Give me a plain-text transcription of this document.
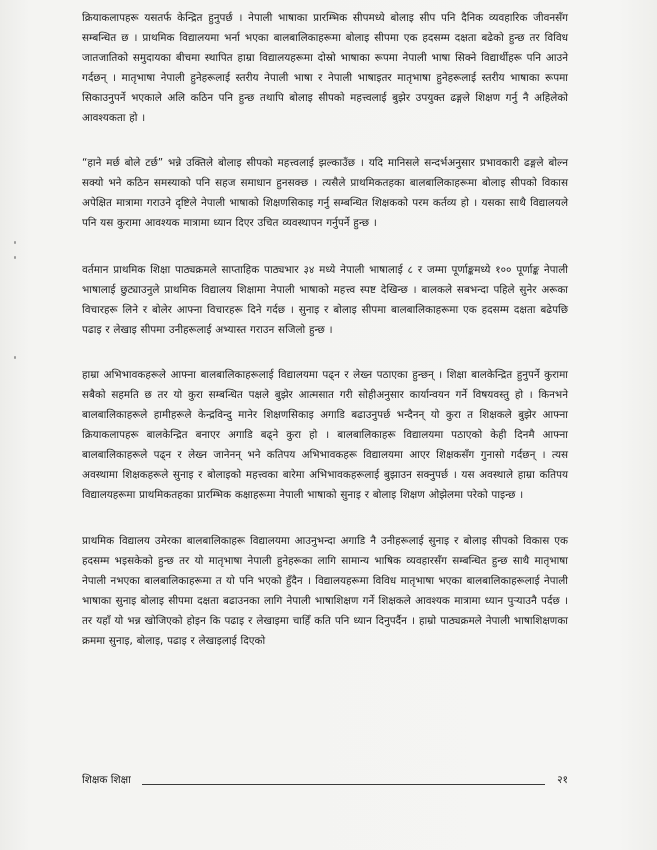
क्रियाकलापहरू यसतर्फ केन्द्रित हुनुपर्छ । नेपाली भाषाका प्रारम्भिक सीपमध्ये बोलाइ सीप पनि दैनिक व्यवहारिक जीवनसँग सम्बन्धित छ । प्राथमिक विद्यालयमा भर्ना भएका बालबालिकाहरूमा बोलाइ सीपमा एक हदसम्म दक्षता बढेको हुन्छ तर विविध जातजातिको समुदायका बीचमा स्थापित हाम्रा विद्यालयहरूमा दोस्रो भाषाका रूपमा नेपाली भाषा सिक्ने विद्यार्थीहरू पनि आउने गर्दछन् । मातृभाषा नेपाली हुनेहरूलाई स्तरीय नेपाली भाषा र नेपाली भाषाइतर मातृभाषा हुनेहरूलाई स्तरीय भाषाका रूपमा सिकाउनुपर्ने भएकाले अलि कठिन पनि हुन्छ तथापि बोलाइ सीपको महत्त्वलाई बुझेर उपयुक्त ढङ्गले शिक्षण गर्नु नै अहिलेको आवश्यकता हो ।

“हाने मर्छ बोले टर्छ” भन्ने उक्तिले बोलाइ सीपको महत्त्वलाई झल्काउँछ । यदि मानिसले सन्दर्भअनुसार प्रभावकारी ढङ्गले बोल्न सक्यो भने कठिन समस्याको पनि सहज समाधान हुनसक्छ । त्यसैले प्राथमिकतहका बालबालिकाहरूमा बोलाइ सीपको विकास अपेक्षित मात्रामा गराउने दृष्टिले नेपाली भाषाको शिक्षणसिकाइ गर्नु सम्बन्धित शिक्षकको परम कर्तव्य हो । यसका साथै विद्यालयले पनि यस कुरामा आवश्यक मात्रामा ध्यान दिएर उचित व्यवस्थापन गर्नुपर्ने हुन्छ ।

वर्तमान प्राथमिक शिक्षा पाठ्यक्रमले साप्ताहिक पाठ्यभार ३४ मध्ये नेपाली भाषालाई ८ र जम्मा पूर्णाङ्कमध्ये १०० पूर्णाङ्क नेपाली भाषालाई छुट्याउनुले प्राथमिक विद्यालय शिक्षामा नेपाली भाषाको महत्त्व स्पष्ट देखिन्छ । बालकले सबभन्दा पहिले सुनेर अरूका विचारहरू लिने र बोलेर आफ्ना विचारहरू दिने गर्दछ । सुनाइ र बोलाइ सीपमा बालबालिकाहरूमा एक हदसम्म दक्षता बढेपछि पढाइ र लेखाइ सीपमा उनीहरूलाई अभ्यास्त गराउन सजिलो हुन्छ ।

हाम्रा अभिभावकहरूले आफ्ना बालबालिकाहरूलाई विद्यालयमा पढ्न र लेख्न पठाएका हुन्छन् । शिक्षा बालकेन्द्रित हुनुपर्ने कुरामा सबैको सहमति छ तर यो कुरा सम्बन्धित पक्षले बुझेर आत्मसात गरी सोहीअनुसार कार्यान्वयन गर्ने विषयवस्तु हो । किनभने बालबालिकाहरूले हामीहरूले केन्द्रविन्दु मानेर शिक्षणसिकाइ अगाडि बढाउनुपर्छ भन्दैनन् यो कुरा त शिक्षकले बुझेर आफ्ना क्रियाकलापहरू बालकेन्द्रित बनाएर अगाडि बढ्ने कुरा हो । बालबालिकाहरू विद्यालयमा पठाएको केही दिनमै आफ्ना बालबालिकाहरूले पढ्न र लेख्न जानेनन् भने कतिपय अभिभावकहरू विद्यालयमा आएर शिक्षकसँग गुनासो गर्दछन् । त्यस अवस्थामा शिक्षकहरूले सुनाइ र बोलाइको महत्त्वका बारेमा अभिभावकहरूलाई बुझाउन सक्नुपर्छ । यस अवस्थाले हाम्रा कतिपय विद्यालयहरूमा प्राथमिकतहका प्रारम्भिक कक्षाहरूमा नेपाली भाषाको सुनाइ र बोलाइ शिक्षण ओझेलमा परेको पाइन्छ ।

प्राथमिक विद्यालय उमेरका बालबालिकाहरू विद्यालयमा आउनुभन्दा अगाडि नै उनीहरूलाई सुनाइ र बोलाइ सीपको विकास एक हदसम्म भइसकेको हुन्छ तर यो मातृभाषा नेपाली हुनेहरूका लागि सामान्य भाषिक व्यवहारसँग सम्बन्धित हुन्छ साथै मातृभाषा नेपाली नभएका बालबालिकाहरूमा त यो पनि भएको हुँदैन । विद्यालयहरूमा विविध मातृभाषा भएका बालबालिकाहरूलाई नेपाली भाषाका सुनाइ बोलाइ सीपमा दक्षता बढाउनका लागि नेपाली भाषाशिक्षण गर्ने शिक्षकले आवश्यक मात्रामा ध्यान पुऱ्याउनै पर्दछ । तर यहाँ यो भन्न खोजिएको होइन कि पढाइ र लेखाइमा चाहिँ कति पनि ध्यान दिनुपर्दैन । हाम्रो पाठ्यक्रमले नेपाली भाषाशिक्षणका क्रममा सुनाइ, बोलाइ, पढाइ र लेखाइलाई दिएको

शिक्षक शिक्षा	२१
